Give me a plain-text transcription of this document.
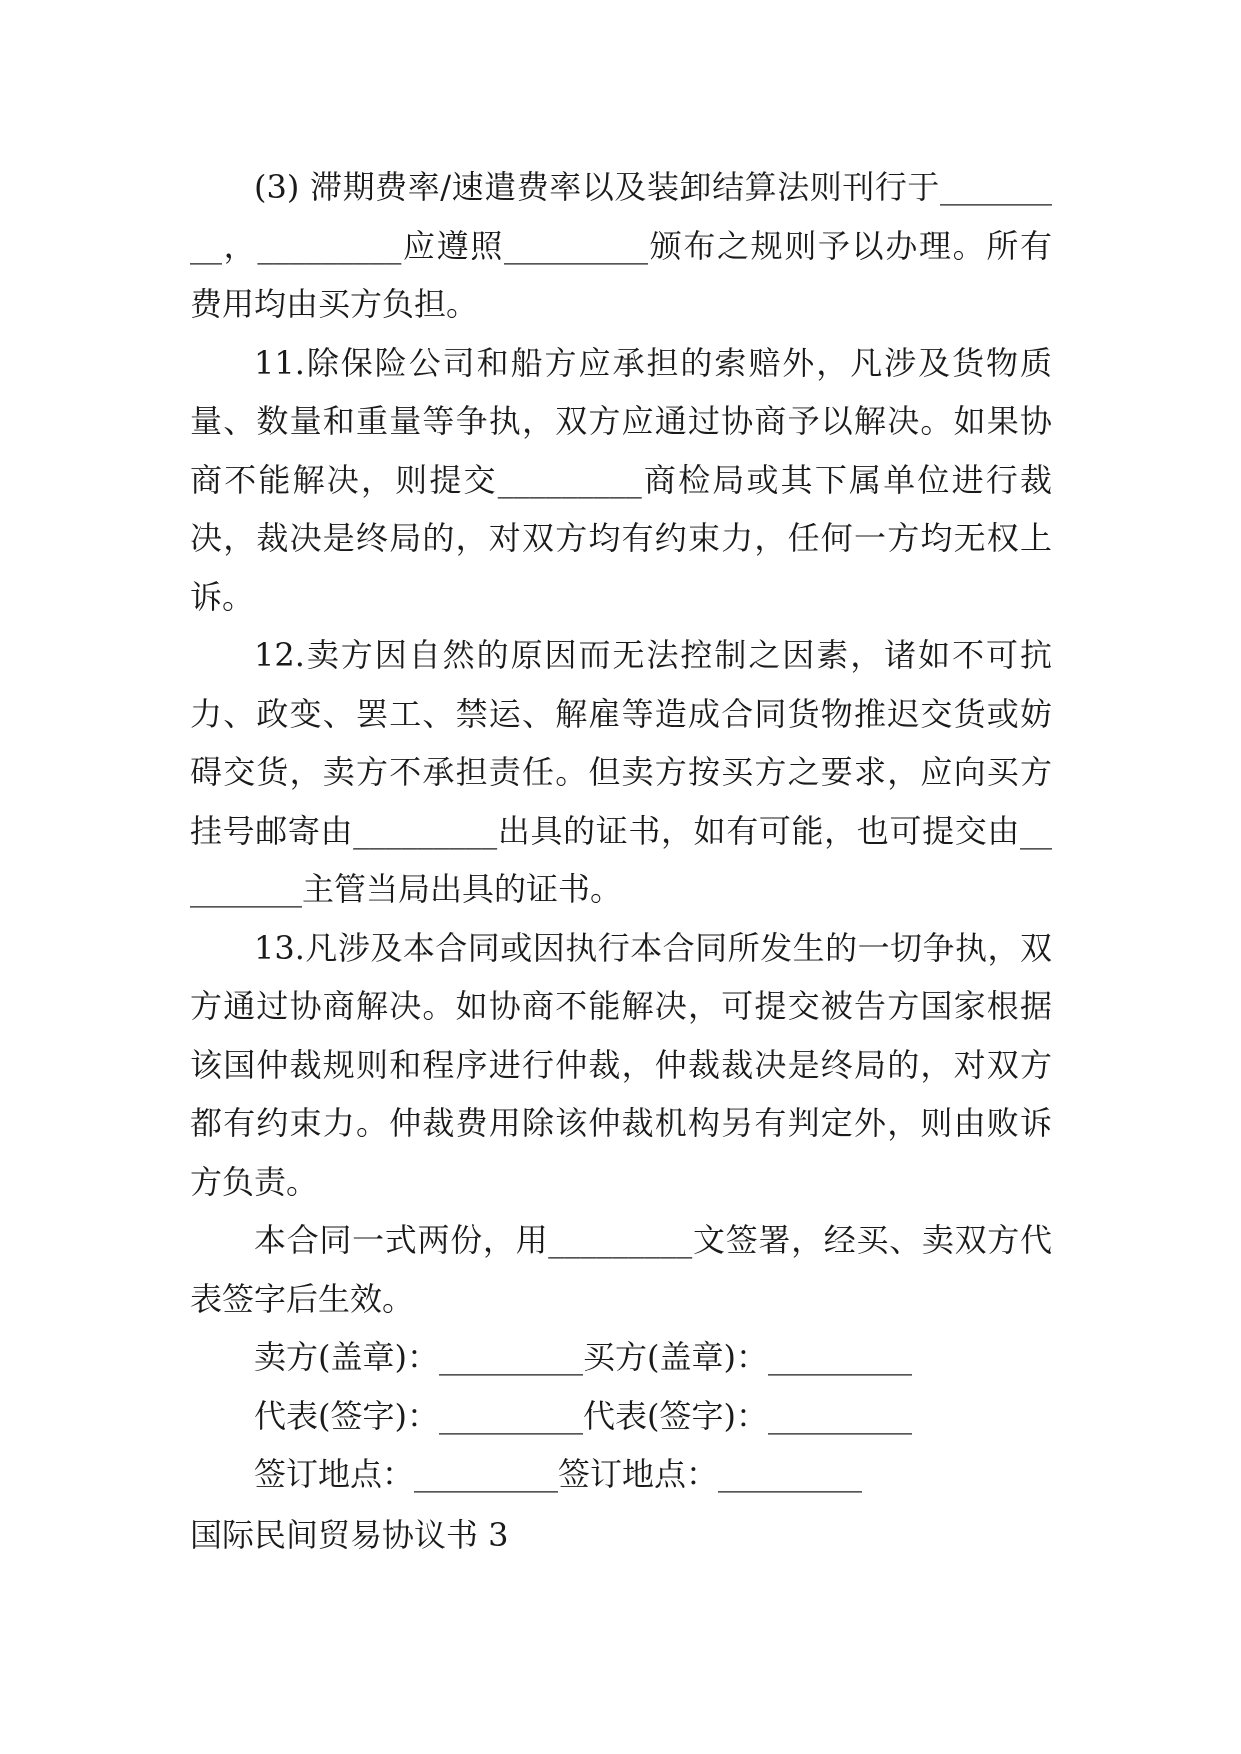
(3) 滞期费率/速遣费率以及装卸结算法则刊行于_________，_________应遵照_________颁布之规则予以办理。所有费用均由买方负担。

11.除保险公司和船方应承担的索赔外，凡涉及货物质量、数量和重量等争执，双方应通过协商予以解决。如果协商不能解决，则提交_________商检局或其下属单位进行裁决，裁决是终局的，对双方均有约束力，任何一方均无权上诉。

12.卖方因自然的原因而无法控制之因素，诸如不可抗力、政变、罢工、禁运、解雇等造成合同货物推迟交货或妨碍交货，卖方不承担责任。但卖方按买方之要求，应向买方挂号邮寄由_________出具的证书，如有可能，也可提交由_________主管当局出具的证书。

13.凡涉及本合同或因执行本合同所发生的一切争执，双方通过协商解决。如协商不能解决，可提交被告方国家根据该国仲裁规则和程序进行仲裁，仲裁裁决是终局的，对双方都有约束力。仲裁费用除该仲裁机构另有判定外，则由败诉方负责。

本合同一式两份，用_________文签署，经买、卖双方代表签字后生效。

卖方(盖章)：_________买方(盖章)：_________

代表(签字)：_________代表(签字)：_________

签订地点：_________签订地点：_________

国际民间贸易协议书 3
